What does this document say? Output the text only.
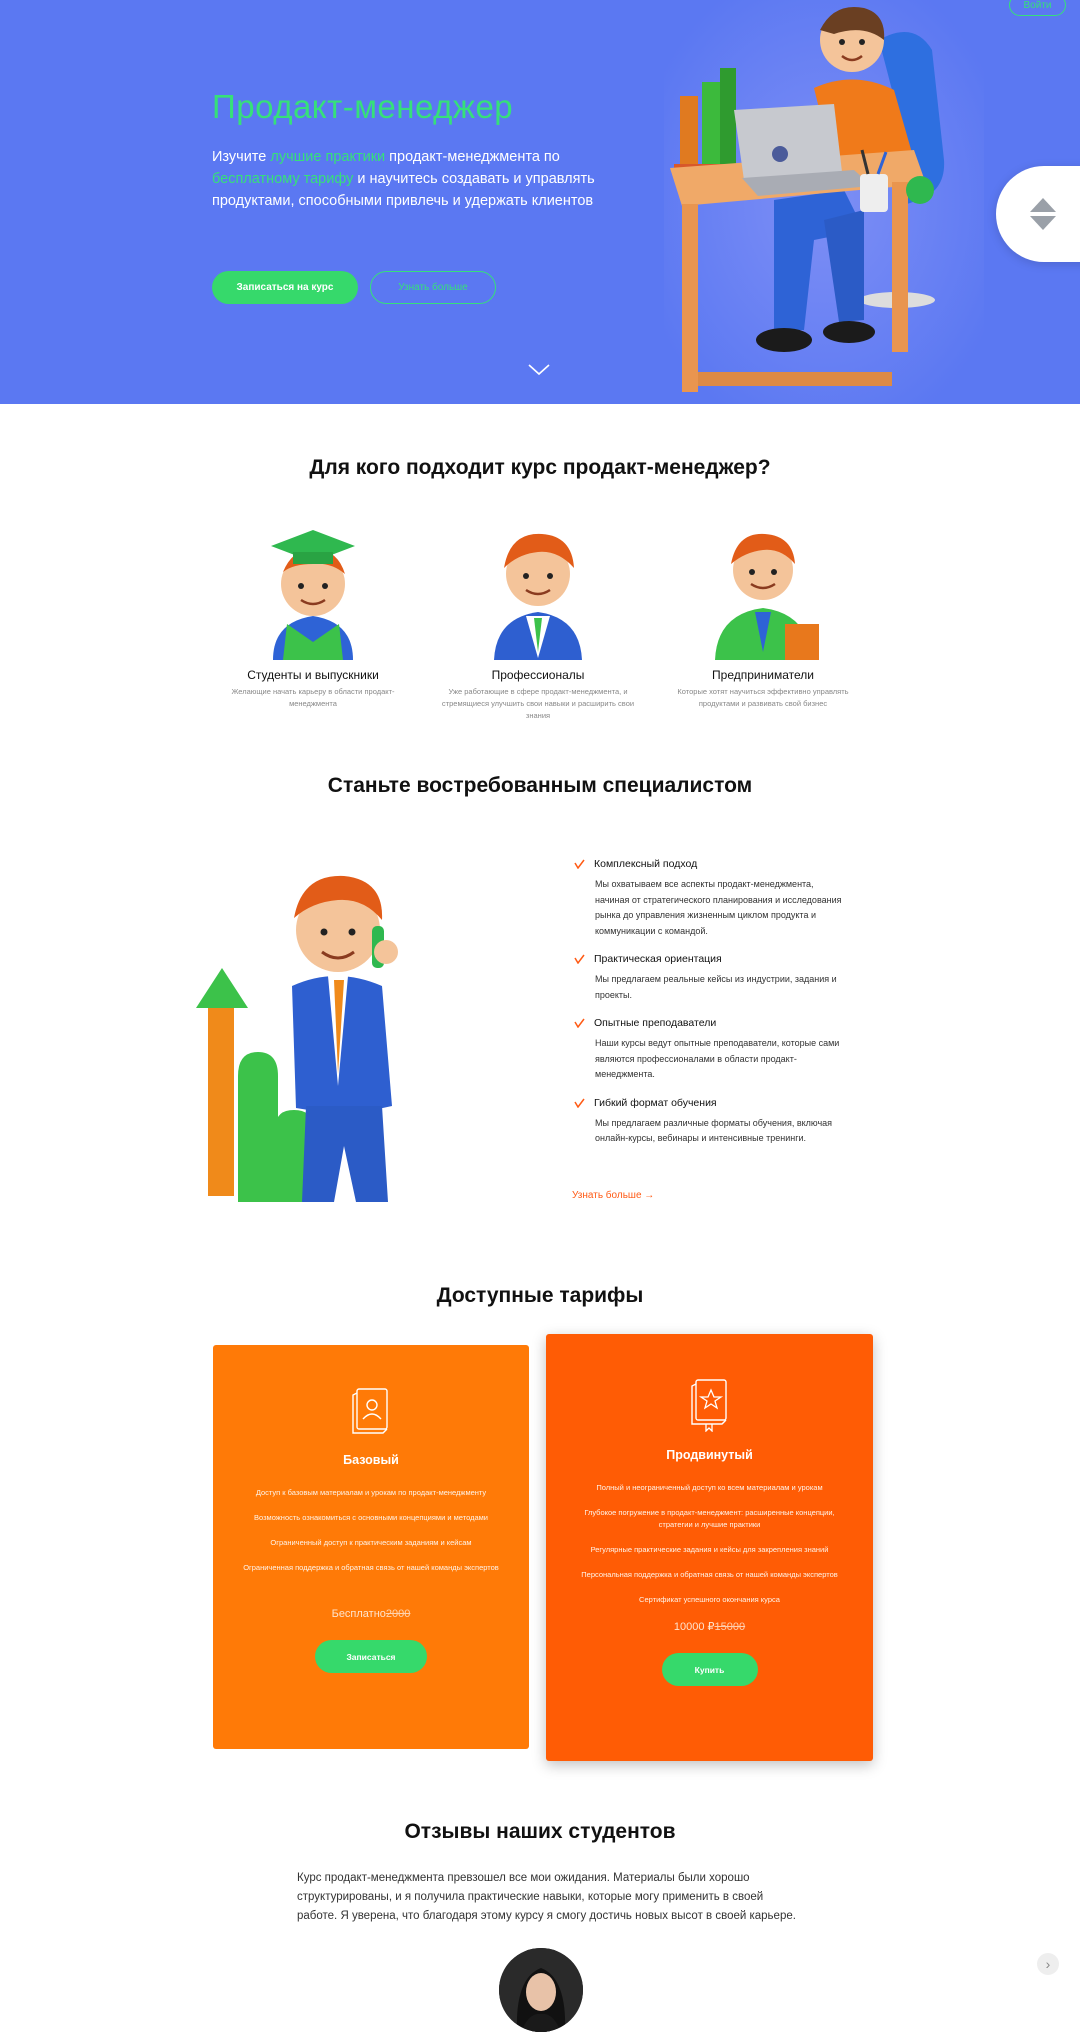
Войти
Продакт-менеджер

Изучите лучшие практики продакт-менеджмента по бесплатному тарифу и научитесь создавать и управлять продуктами, способными привлечь и удержать клиентов

Записаться на курс	Узнать больше
Для кого подходит курс продакт-менеджер?
Студенты и выпускники
Желающие начать карьеру в области продакт-менеджмента
Профессионалы
Уже работающие в сфере продакт-менеджмента, и стремящиеся улучшить свои навыки и расширить свои знания
Предприниматели
Которые хотят научиться эффективно управлять продуктами и развивать свой бизнес
Станьте востребованным специалистом
Комплексный подход
Мы охватываем все аспекты продакт-менеджмента, начиная от стратегического планирования и исследования рынка до управления жизненным циклом продукта и коммуникации с командой.
Практическая ориентация
Мы предлагаем реальные кейсы из индустрии, задания и проекты.
Опытные преподаватели
Наши курсы ведут опытные преподаватели, которые сами являются профессионалами в области продакт-менеджмента.
Гибкий формат обучения
Мы предлагаем различные форматы обучения, включая онлайн-курсы, вебинары и интенсивные тренинги.
Узнать больше →
Доступные тарифы
Базовый
Доступ к базовым материалам и урокам по продакт-менеджменту
Возможность ознакомиться с основными концепциями и методами
Ограниченный доступ к практическим заданиям и кейсам
Ограниченная поддержка и обратная связь от нашей команды экспертов
Бесплатно2000
Записаться
Продвинутый
Полный и неограниченный доступ ко всем материалам и урокам
Глубокое погружение в продакт-менеджмент: расширенные концепции, стратегии и лучшие практики
Регулярные практические задания и кейсы для закрепления знаний
Персональная поддержка и обратная связь от нашей команды экспертов
Сертификат успешного окончания курса
10000 ₽15000
Купить
Отзывы наших студентов

Курс продакт-менеджмента превзошел все мои ожидания. Материалы были хорошо структурированы, и я получила практические навыки, которые могу применить в своей работе. Я уверена, что благодаря этому курсу я смогу достичь новых высот в своей карьере.

›
